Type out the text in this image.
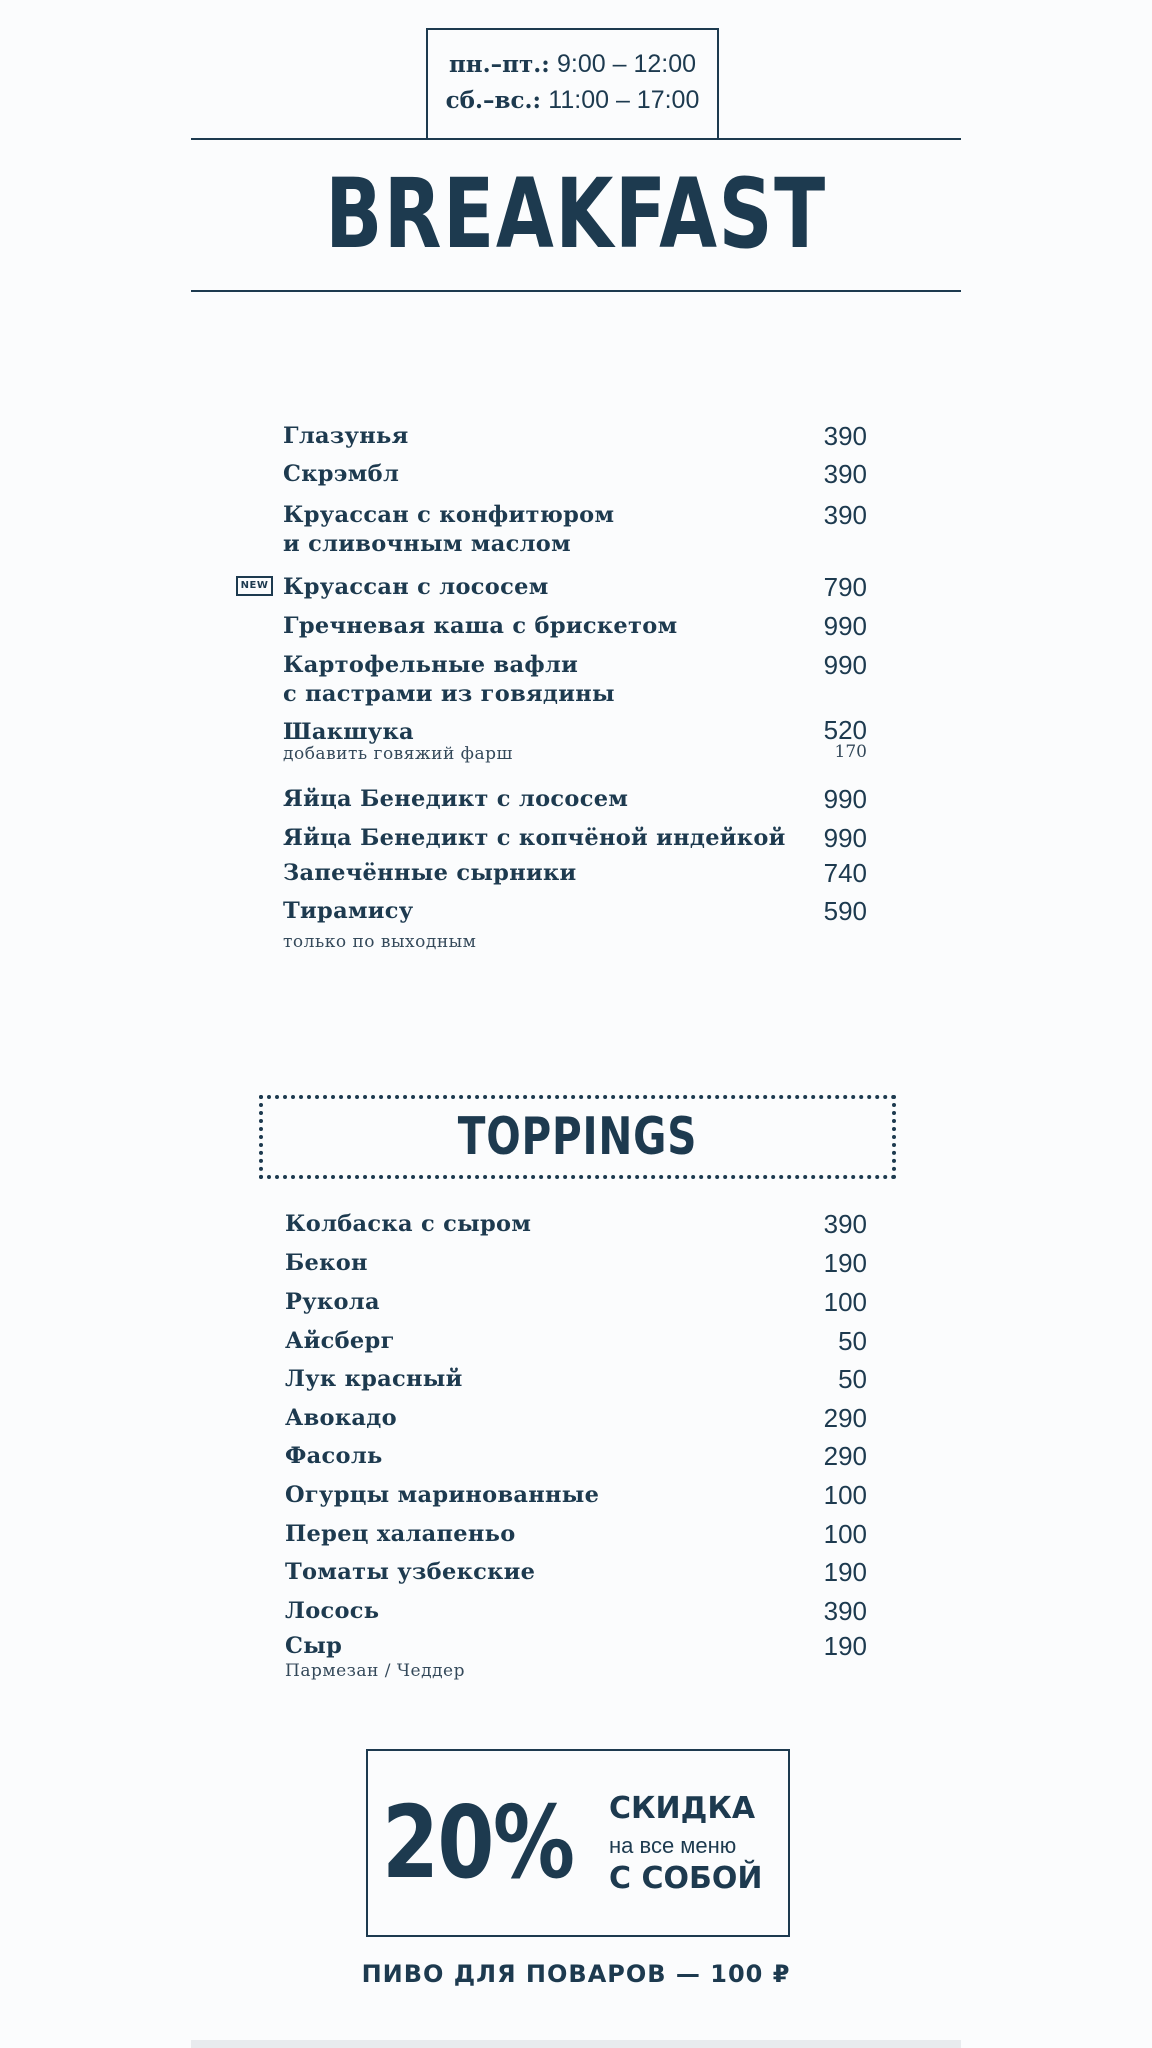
пн.–пт.: 9:00 – 12:00
сб.–вс.: 11:00 – 17:00
BREAKFAST
NEW
Глазунья	390
Скрэмбл	390
Круассан с конфитюром
и сливочным маслом
390
Круассан с лососем	790
Гречневая каша с брискетом	990
Картофельные вафли
с пастрами из говядины
990
Шакшука
добавить говяжий фарш
520
170
Яйца Бенедикт с лососем	990
Яйца Бенедикт с копчёной индейкой	990
Запечённые сырники	740
Тирамису
только по выходным
590
TOPPINGS
Колбаска с сыром	390
Бекон	190
Рукола	100
Айсберг	50
Лук красный	50
Авокадо	290
Фасоль	290
Огурцы маринованные	100
Перец халапеньо	100
Томаты узбекские	190
Лосось	390
Сыр
Пармезан / Чеддер
190
20% СКИДКА
на все меню
С СОБОЙ
ПИВО ДЛЯ ПОВАРОВ — 100 ₽
